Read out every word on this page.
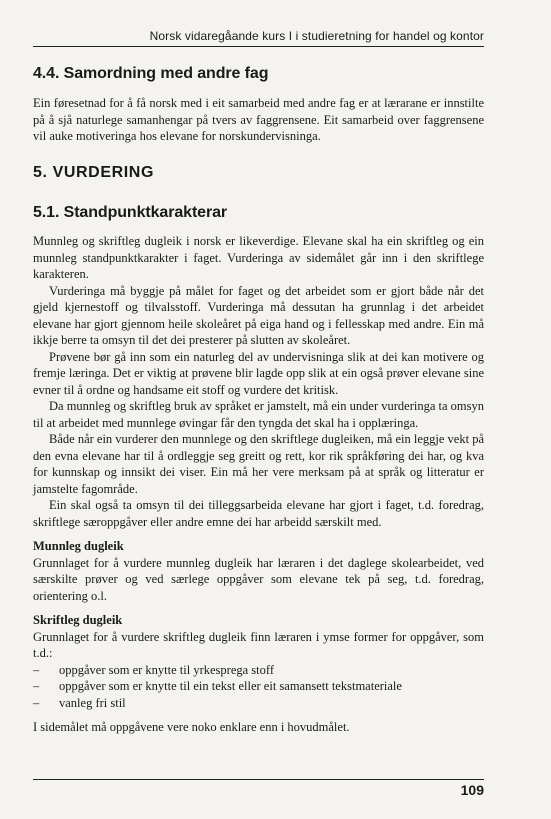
Norsk vidaregåande kurs I i studieretning for handel og kontor
4.4. Samordning med andre fag

Ein føresetnad for å få norsk med i eit samarbeid med andre fag er at lærarane er innstilte på å sjå naturlege samanhengar på tvers av faggrensene. Eit samarbeid over faggrensene vil auke motiveringa hos elevane for norskundervisninga.

5. VURDERING
5.1. Standpunktkarakterar

Munnleg og skriftleg dugleik i norsk er likeverdige. Elevane skal ha ein skriftleg og ein munnleg standpunktkarakter i faget. Vurderinga av sidemålet går inn i den skriftlege karakteren.

Vurderinga må byggje på målet for faget og det arbeidet som er gjort både når det gjeld kjernestoff og tilvalsstoff. Vurderinga må dessutan ha grunnlag i det arbeidet elevane har gjort gjennom heile skoleåret på eiga hand og i fellesskap med andre. Ein må ikkje berre ta omsyn til det dei presterer på slutten av skoleåret.

Prøvene bør gå inn som ein naturleg del av undervisninga slik at dei kan motivere og fremje læringa. Det er viktig at prøvene blir lagde opp slik at ein også prøver elevane sine evner til å ordne og handsame eit stoff og vurdere det kritisk.

Da munnleg og skriftleg bruk av språket er jamstelt, må ein under vurderinga ta omsyn til at arbeidet med munnlege øvingar får den tyngda det skal ha i opplæringa.

Både når ein vurderer den munnlege og den skriftlege dugleiken, må ein leggje vekt på den evna elevane har til å ordleggje seg greitt og rett, kor rik språkføring dei har, og kva for kunnskap og innsikt dei viser. Ein må her vere merksam på at språk og litteratur er jamstelte fagområde.

Ein skal også ta omsyn til dei tilleggsarbeida elevane har gjort i faget, t.d. foredrag, skriftlege særoppgåver eller andre emne dei har arbeidd særskilt med.

Munnleg dugleik

Grunnlaget for å vurdere munnleg dugleik har læraren i det daglege skolearbeidet, ved særskilte prøver og ved særlege oppgåver som elevane tek på seg, t.d. foredrag, orientering o.l.

Skriftleg dugleik

Grunnlaget for å vurdere skriftleg dugleik finn læraren i ymse former for oppgåver, som t.d.:

– oppgåver som er knytte til yrkespregа stoff
– oppgåver som er knytte til ein tekst eller eit samansett tekstmateriale
– vanleg fri stil

I sidemålet må oppgåvene vere noko enklare enn i hovudmålet.

109
